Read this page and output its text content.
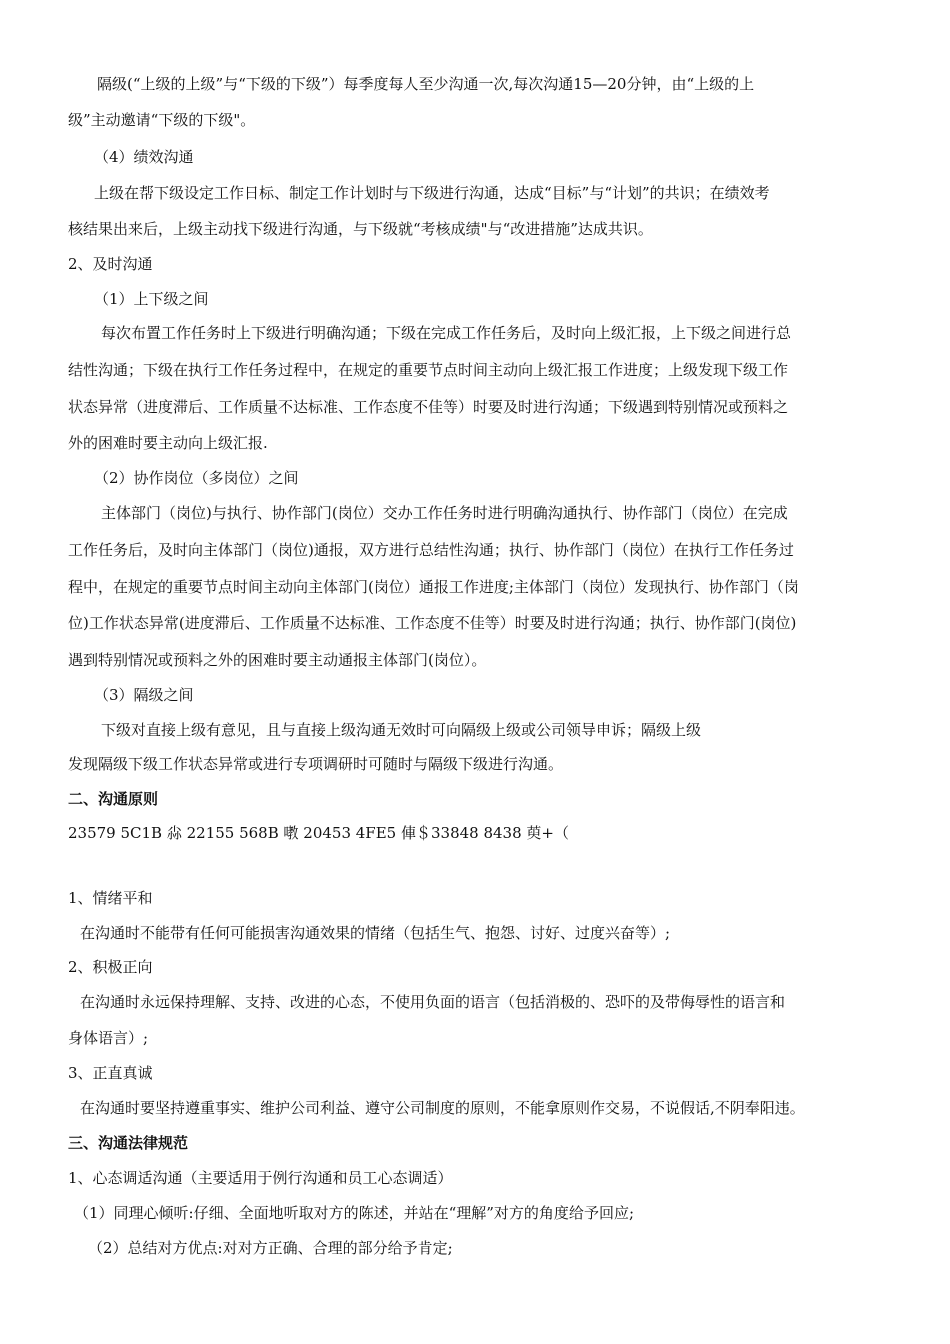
隔级(“上级的上级”与“下级的下级”）每季度每人至少沟通一次,每次沟通15—20分钟，由“上级的上
级”主动邀请“下级的下级"。
（4）绩效沟通
上级在帮下级设定工作日标、制定工作计划时与下级进行沟通，达成“目标”与“计划”的共识；在绩效考
核结果出来后，上级主动找下级进行沟通，与下级就“考核成绩"与“改进措施”达成共识。
2、及时沟通
（1）上下级之间
每次布置工作任务时上下级进行明确沟通；下级在完成工作任务后，及时向上级汇报，上下级之间进行总
结性沟通；下级在执行工作任务过程中，在规定的重要节点时间主动向上级汇报工作进度；上级发现下级工作
状态异常（进度滞后、工作质量不达标准、工作态度不佳等）时要及时进行沟通；下级遇到特别情况或预料之
外的困难时要主动向上级汇报.
（2）协作岗位（多岗位）之间
主体部门（岗位)与执行、协作部门(岗位）交办工作任务时进行明确沟通执行、协作部门（岗位）在完成
工作任务后，及时向主体部门（岗位)通报，双方进行总结性沟通；执行、协作部门（岗位）在执行工作任务过
程中，在规定的重要节点时间主动向主体部门(岗位）通报工作进度;主体部门（岗位）发现执行、协作部门（岗
位)工作状态异常(进度滞后、工作质量不达标准、工作态度不佳等）时要及时进行沟通；执行、协作部门(岗位)
遇到特别情况或预料之外的困难时要主动通报主体部门(岗位）。
（3）隔级之间
下级对直接上级有意见，且与直接上级沟通无效时可向隔级上级或公司领导申诉；隔级上级
发现隔级下级工作状态异常或进行专项调研时可随时与隔级下级进行沟通。
二、沟通原则
23579 5C1B 尛 22155 568B 嘋 20453 4FE5 俥＄33848 8438 萸+（
1、情绪平和
在沟通时不能带有任何可能损害沟通效果的情绪（包括生气、抱怨、讨好、过度兴奋等）;
2、积极正向
在沟通时永远保持理解、支持、改进的心态，不使用负面的语言（包括消极的、恐吓的及带侮辱性的语言和
身体语言）;
3、正直真诚
在沟通时要坚持遵重事实、维护公司利益、遵守公司制度的原则，不能拿原则作交易，不说假话,不阴奉阳违。
三、沟通法律规范
1、心态调适沟通（主要适用于例行沟通和员工心态调适）
（1）同理心倾听:仔细、全面地听取对方的陈述，并站在“理解”对方的角度给予回应;
（2）总结对方优点:对对方正确、合理的部分给予肯定;
